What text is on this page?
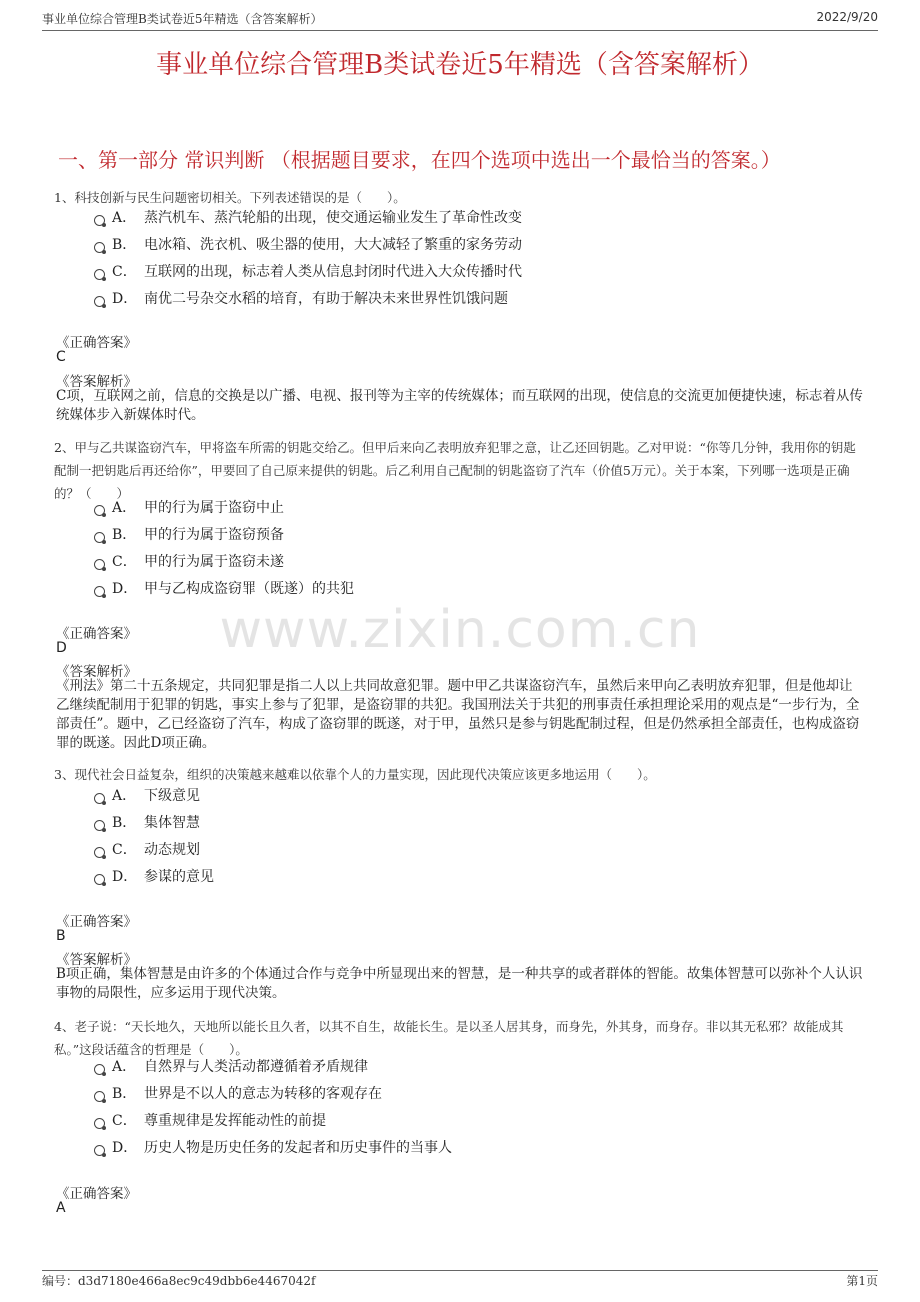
事业单位综合管理B类试卷近5年精选（含答案解析）	2022/9/20
事业单位综合管理B类试卷近5年精选（含答案解析）
一、第一部分 常识判断 （根据题目要求，在四个选项中选出一个最恰当的答案。）
www.zixin.com.cn
1、科技创新与民生问题密切相关。下列表述错误的是（　　）。
A． 蒸汽机车、蒸汽轮船的出现，使交通运输业发生了革命性改变
B． 电冰箱、洗衣机、吸尘器的使用，大大减轻了繁重的家务劳动
C． 互联网的出现，标志着人类从信息封闭时代进入大众传播时代
D． 南优二号杂交水稻的培育，有助于解决未来世界性饥饿问题
《正确答案》
C
《答案解析》
C项，互联网之前，信息的交换是以广播、电视、报刊等为主宰的传统媒体；而互联网的出现，使信息的交流更加便捷快速，标志着从传统媒体步入新媒体时代。
2、甲与乙共谋盗窃汽车，甲将盗车所需的钥匙交给乙。但甲后来向乙表明放弃犯罪之意，让乙还回钥匙。乙对甲说：“你等几分钟，我用你的钥匙配制一把钥匙后再还给你”，甲要回了自己原来提供的钥匙。后乙利用自己配制的钥匙盗窃了汽车（价值5万元）。关于本案，下列哪一选项是正确的？（　　）
A． 甲的行为属于盗窃中止
B． 甲的行为属于盗窃预备
C． 甲的行为属于盗窃未遂
D． 甲与乙构成盗窃罪（既遂）的共犯
《正确答案》
D
《答案解析》
《刑法》第二十五条规定，共同犯罪是指二人以上共同故意犯罪。题中甲乙共谋盗窃汽车，虽然后来甲向乙表明放弃犯罪，但是他却让乙继续配制用于犯罪的钥匙，事实上参与了犯罪，是盗窃罪的共犯。我国刑法关于共犯的刑事责任承担理论采用的观点是“一步行为，全部责任”。题中，乙已经盗窃了汽车，构成了盗窃罪的既遂，对于甲，虽然只是参与钥匙配制过程，但是仍然承担全部责任，也构成盗窃罪的既遂。因此D项正确。
3、现代社会日益复杂，组织的决策越来越难以依靠个人的力量实现，因此现代决策应该更多地运用（　　）。
A． 下级意见
B． 集体智慧
C． 动态规划
D． 参谋的意见
《正确答案》
B
《答案解析》
B项正确，集体智慧是由许多的个体通过合作与竞争中所显现出来的智慧，是一种共享的或者群体的智能。故集体智慧可以弥补个人认识事物的局限性，应多运用于现代决策。
4、老子说：“天长地久，天地所以能长且久者，以其不自生，故能长生。是以圣人居其身，而身先，外其身，而身存。非以其无私邪？故能成其私。”这段话蕴含的哲理是（　　）。
A． 自然界与人类活动都遵循着矛盾规律
B． 世界是不以人的意志为转移的客观存在
C． 尊重规律是发挥能动性的前提
D． 历史人物是历史任务的发起者和历史事件的当事人
《正确答案》
A
编号：d3d7180e466a8ec9c49dbb6e4467042f	第1页
